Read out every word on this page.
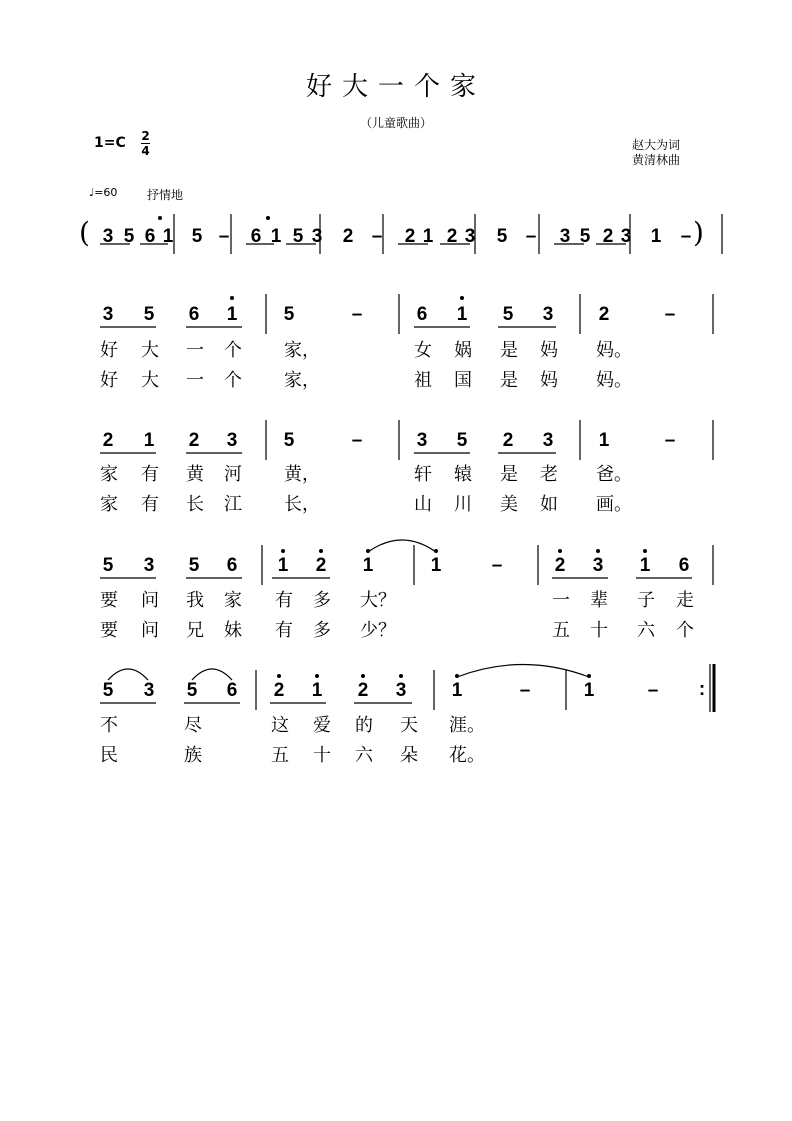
好大一个家
（儿童歌曲）
赵大为词
黄清林曲
1=C 2
4
♩=60 抒情地
(	)
3 5 6 1 5 – 6 1 5 3 2 – 2 1 2 3 5 – 3 5 2 3 1 –
3 5 6 1 5	–	6 1 5 3 2	–
好 大 一 个 家，	女 娲 是 妈 妈。
好 大 一 个 家，	祖 国 是 妈 妈。
2 1 2 3 5	–	3 5 2 3 1	–
家 有 黄 河 黄，	轩 辕 是 老 爸。
家 有 长 江 长，	山 川 美 如 画。
5 3 5 6 1 2 1	1	–	2 3 1 6
要 问 我 家 有 多 大？	一 辈 子 走
要 问 兄 妹 有 多 少？	五 十 六 个
5 3 5 6 2 1 2 3 1	–	1	–
不	尽	这 爱 的 天 涯。
民	族	五 十 六 朵 花。
:
